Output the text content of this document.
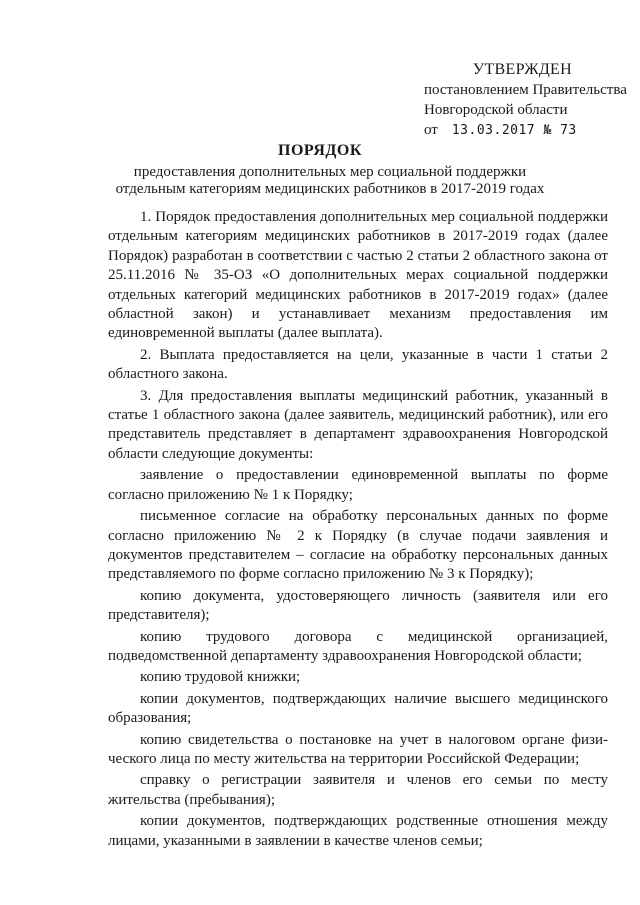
УТВЕРЖДЕН
постановлением Правительства
Новгородской области
от 13.03.2017 № 73
ПОРЯДОК
предоставления дополнительных мер социальной поддержки отдельным категориям медицинских работников в 2017-2019 годах

1. Порядок предоставления дополнительных мер социальной поддержки отдельным категориям медицинских работников в 2017-2019 годах (далее Порядок) разработан в соответствии с частью 2 статьи 2 областного закона от 25.11.2016 № 35-ОЗ «О дополнительных мерах социальной поддержки отдельных категорий медицинских работников в 2017-2019 годах» (далее областной закон) и устанавливает механизм предоставления им единовременной выплаты (далее выплата).

2. Выплата предоставляется на цели, указанные в части 1 статьи 2 областного закона.

3. Для предоставления выплаты медицинский работник, указанный в статье 1 областного закона (далее заявитель, медицинский работник), или его представитель представляет в департамент здравоохранения Новгородской области следующие документы:

заявление о предоставлении единовременной выплаты по форме согласно приложению № 1 к Порядку;

письменное согласие на обработку персональных данных по форме согласно приложению № 2 к Порядку (в случае подачи заявления и документов представителем – согласие на обработку персональных данных представляемого по форме согласно приложению № 3 к Порядку);

копию документа, удостоверяющего личность (заявителя или его представителя);

копию трудового договора с медицинской организацией, подведомственной департаменту здравоохранения Новгородской области;

копию трудовой книжки;

копии документов, подтверждающих наличие высшего медицинского образования;

копию свидетельства о постановке на учет в налоговом органе физического лица по месту жительства на территории Российской Федерации;

справку о регистрации заявителя и членов его семьи по месту жительства (пребывания);

копии документов, подтверждающих родственные отношения между лицами, указанными в заявлении в качестве членов семьи;
